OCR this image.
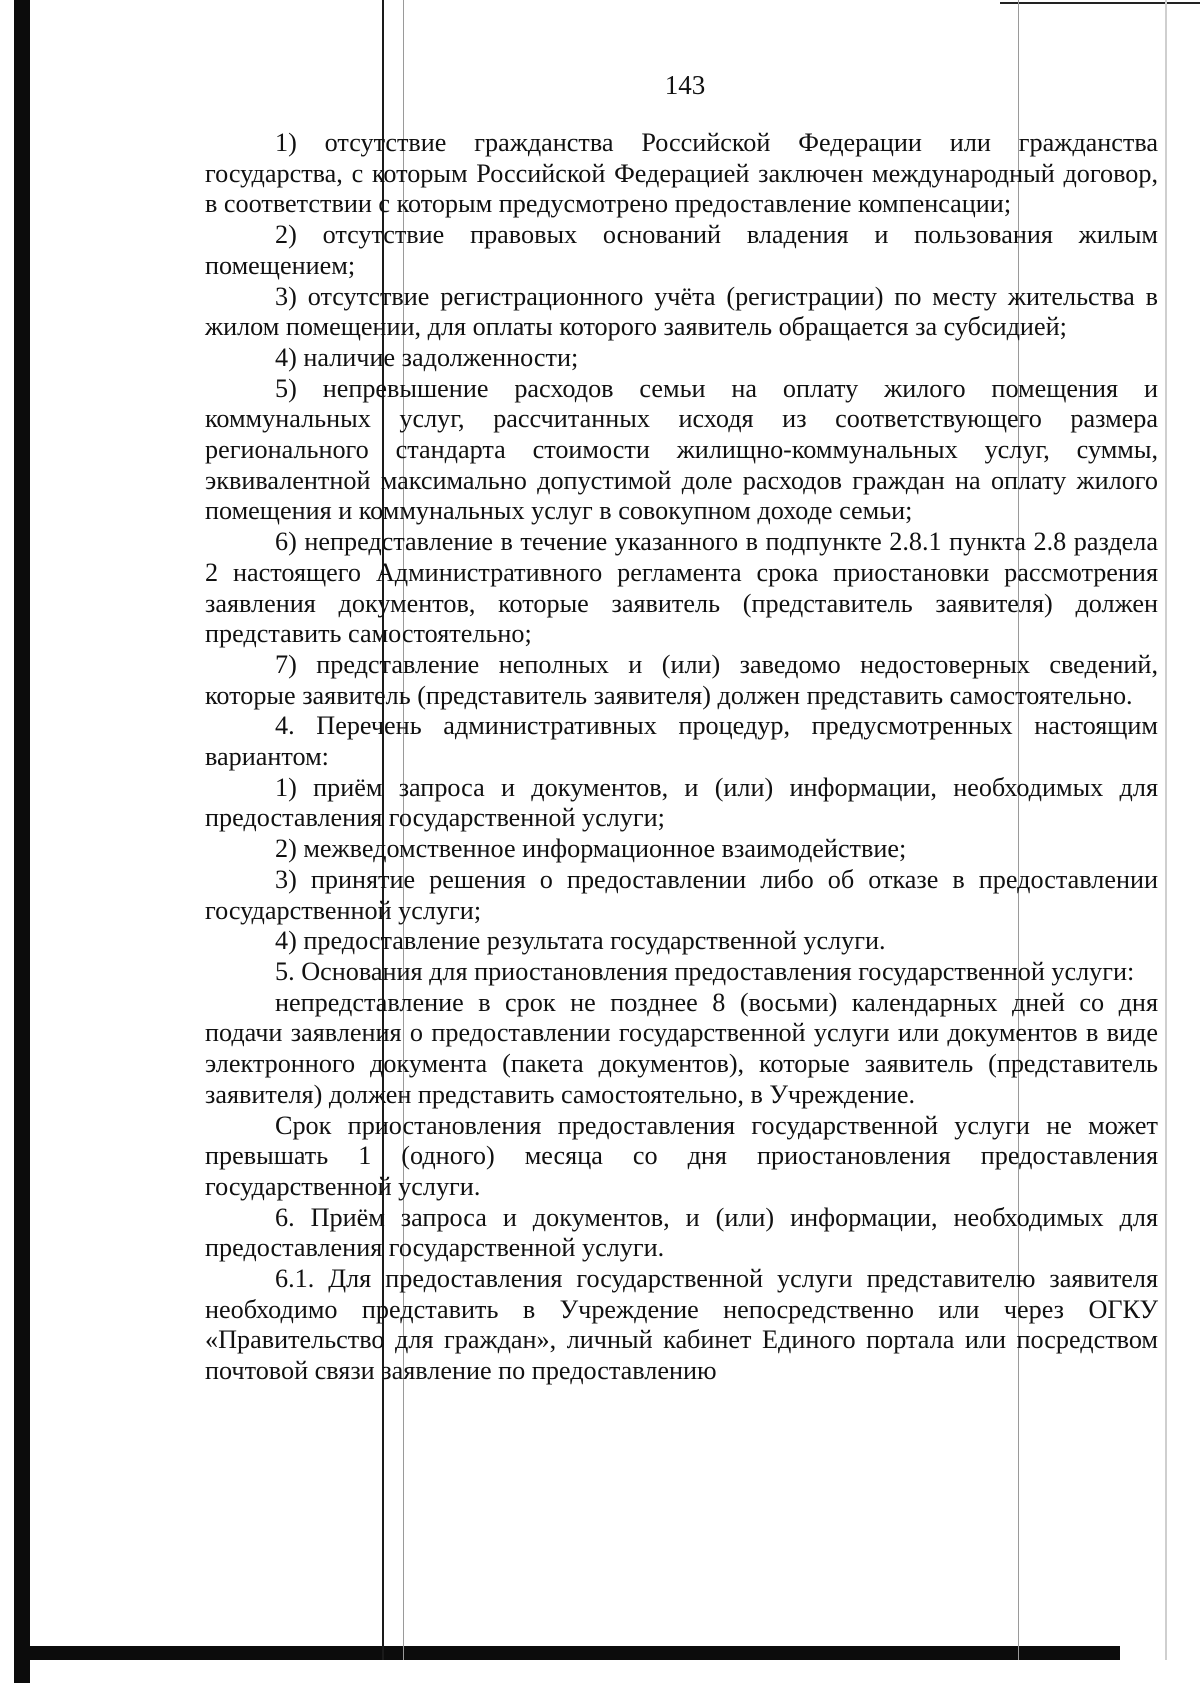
143

1) отсутствие гражданства Российской Федерации или гражданства государства, с которым Российской Федерацией заключен международный договор, в соответствии с которым предусмотрено предоставление компенсации;

2) отсутствие правовых оснований владения и пользования жилым помещением;

3) отсутствие регистрационного учёта (регистрации) по месту жительства в жилом помещении, для оплаты которого заявитель обращается за субсидией;

4) наличие задолженности;

5) непревышение расходов семьи на оплату жилого помещения и коммунальных услуг, рассчитанных исходя из соответствующего размера регионального стандарта стоимости жилищно-коммунальных услуг, суммы, эквивалентной максимально допустимой доле расходов граждан на оплату жилого помещения и коммунальных услуг в совокупном доходе семьи;

6) непредставление в течение указанного в подпункте 2.8.1 пункта 2.8 раздела 2 настоящего Административного регламента срока приостановки рассмотрения заявления документов, которые заявитель (представитель заявителя) должен представить самостоятельно;

7) представление неполных и (или) заведомо недостоверных сведений, которые заявитель (представитель заявителя) должен представить самостоятельно.

4. Перечень административных процедур, предусмотренных настоящим вариантом:

1) приём запроса и документов, и (или) информации, необходимых для предоставления государственной услуги;

2) межведомственное информационное взаимодействие;

3) принятие решения о предоставлении либо об отказе в предоставлении государственной услуги;

4) предоставление результата государственной услуги.

5. Основания для приостановления предоставления государственной услуги:

непредставление в срок не позднее 8 (восьми) календарных дней со дня подачи заявления о предоставлении государственной услуги или документов в виде электронного документа (пакета документов), которые заявитель (представитель заявителя) должен представить самостоятельно, в Учреждение.

Срок приостановления предоставления государственной услуги не может превышать 1 (одного) месяца со дня приостановления предоставления государственной услуги.

6. Приём запроса и документов, и (или) информации, необходимых для предоставления государственной услуги.

6.1. Для предоставления государственной услуги представителю заявителя необходимо представить в Учреждение непосредственно или через ОГКУ «Правительство для граждан», личный кабинет Единого портала или посредством почтовой связи заявление по предоставлению
